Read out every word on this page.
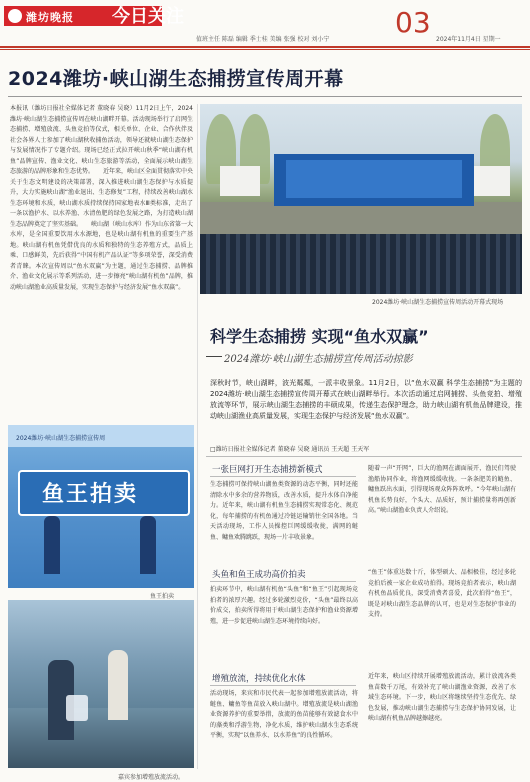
潍坊晚报 今日关注	03
值班主任 陈磊 编辑 季士桂 美编 张强 校对 刘小宁	2024年11月4日 星期一
2024潍坊·峡山湖生态捕捞宣传周开幕
本报讯（潍坊日报社全媒体记者 董晓春 吴晓）11月2日上午，2024潍坊·峡山湖生态捕捞宣传周在峡山湖畔开幕。活动现场举行了启网生态捕捞、增殖放流、头鱼竞拍等仪式，相关单位、企业、合作伙伴及社会各界人士参加了峡山湖秋收捕鱼活动，领导还就峡山湖生态保护与发展情况作了专题介绍。现场已经正式拉开峡山秋季“峡山湖有机鱼”品牌宣传、渔业文化、峡山生态旅游等活动，全面展示峡山湖生态旅游的品牌形象和生态优势。　　近年来，峡山区全面贯彻落实中央关于生态文明建设的决策部署，深入推进峡山湖生态保护与水质提升，大力实施峡山湖“渔业退出、生态修复”工程，持续改善峡山湖水生态环境和水质，峡山湖水质持续保持国家地表水Ⅲ类标准，走出了一条以渔护水、以水养渔、水清鱼肥的绿色发展之路，为打造峡山湖生态品牌奠定了坚实基础。　　峡山湖（峡山水库）作为山东省第一大水库，是全国重要饮用水水源地，也是峡山湖有机鱼的重要生产基地。峡山湖有机鱼凭借优良的水质和独特的生态养殖方式，品质上乘、口感鲜美，先后获得“中国有机产品认证”等多项荣誉，深受消费者青睐。本次宣传周以“鱼水双赢”为主题，通过生态捕捞、品牌推介、渔业文化展示等系列活动，进一步擦亮“峡山湖有机鱼”品牌，推动峡山湖渔业高质量发展，实现生态保护与经济发展“鱼水双赢”。
2024潍坊·峡山湖生态捕捞宣传周
鱼王拍卖
鱼王拍卖
嘉宾参加增殖放流活动。
2024潍坊·峡山湖生态捕捞宣传周活动开幕式现场
科学生态捕捞 实现“鱼水双赢”
2024潍坊·峡山湖生态捕捞宣传周活动掠影
深秋时节，峡山湖畔，波光粼粼，一派丰收景象。11月2日，以“鱼水双赢 科学生态捕捞”为主题的2024潍坊·峡山湖生态捕捞宣传周开幕式在峡山湖畔举行。本次活动通过启网捕捞、头鱼竞拍、增殖放流等环节，展示峡山湖生态捕捞的丰硕成果，传递生态保护理念，助力峡山湖有机鱼品牌建设，推动峡山湖渔业高质量发展，实现生态保护与经济发展“鱼水双赢”。
□潍坊日报社全媒体记者 董晓春 吴晓 通讯员 王天超 王天军
一张巨网打开生态捕捞新模式
生态捕捞可保持峡山湖鱼类资源的动态平衡，同时还能清除水中多余的营养物质，改善水质，提升水体自净能力。近年来，峡山湖有机鱼生态捕捞实现常态化、规范化，每年捕捞的有机鱼通过冷链运输销往全国各地。当天活动现场，工作人员操控巨网缓缓收拢，满网的鲢鱼、鳙鱼欢腾跳跃，现场一片丰收景象。
随着一声“开网”，巨大的渔网在湖面展开，渔民们驾驶渔船协同作业，将渔网缓缓收拢。一条条肥美的鲢鱼、鳙鱼跃出水面，引得现场观众阵阵欢呼。“今年峡山湖有机鱼长势良好，个头大、品质好，预计捕捞量将再创新高。”峡山湖渔业负责人介绍说。
头鱼和鱼王成功高价拍卖
拍卖环节中，峡山湖有机鱼“头鱼”和“鱼王”引起现场竞拍者的浓厚兴趣。经过多轮激烈竞价，“头鱼”最终以高价成交，拍卖所得将用于峡山湖生态保护和渔业资源增殖，进一步促进峡山湖生态环境持续向好。
“鱼王”体重达数十斤，体型硕大、品相极佳，经过多轮竞拍后被一家企业成功拍得。现场竞拍者表示，峡山湖有机鱼品质优良，深受消费者喜爱，此次拍得“鱼王”，既是对峡山湖生态品牌的认可，也是对生态保护事业的支持。
增殖放流，持续优化水体
活动现场，来宾和市民代表一起参加增殖放流活动，将鲢鱼、鳙鱼等鱼苗放入峡山湖中。增殖放流是峡山湖渔业资源养护的重要举措，放流的鱼苗能够有效滤食水中的藻类和浮游生物，净化水质，维护峡山湖水生态系统平衡，实现“以鱼养水、以水养鱼”的良性循环。
近年来，峡山区持续开展增殖放流活动，累计放流各类鱼苗数千万尾，有效补充了峡山湖渔业资源，改善了水域生态环境。下一步，峡山区将继续坚持生态优先、绿色发展，推动峡山湖生态捕捞与生态保护协同发展，让峡山湖有机鱼品牌越擦越亮。
